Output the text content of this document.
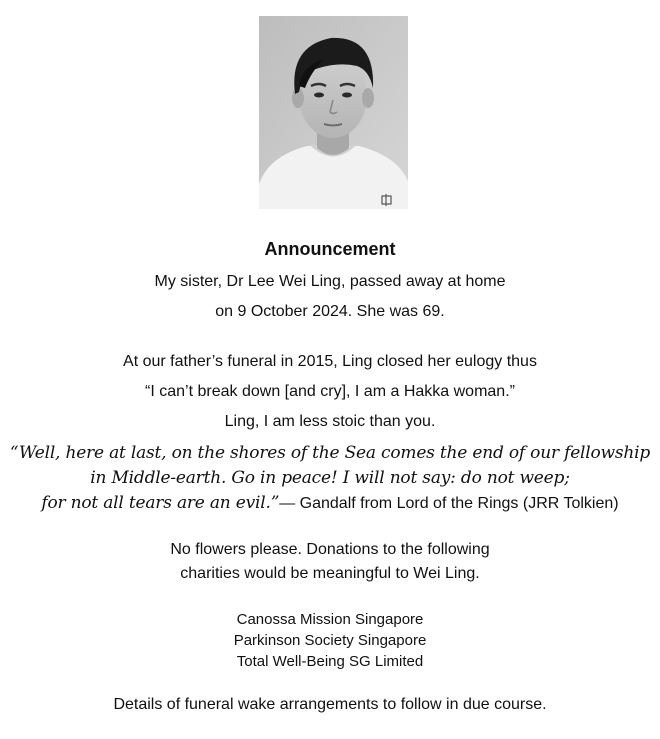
Announcement
My sister, Dr Lee Wei Ling, passed away at home
on 9 October 2024. She was 69.
At our father’s funeral in 2015, Ling closed her eulogy thus
“I can’t break down [and cry], I am a Hakka woman.”
Ling, I am less stoic than you.
“Well, here at last, on the shores of the Sea comes the end of our fellowship
in Middle-earth. Go in peace! I will not say: do not weep;
for not all tears are an evil.”— Gandalf from Lord of the Rings (JRR Tolkien)
No flowers please. Donations to the following
charities would be meaningful to Wei Ling.
Canossa Mission Singapore
Parkinson Society Singapore
Total Well-Being SG Limited
Details of funeral wake arrangements to follow in due course.
